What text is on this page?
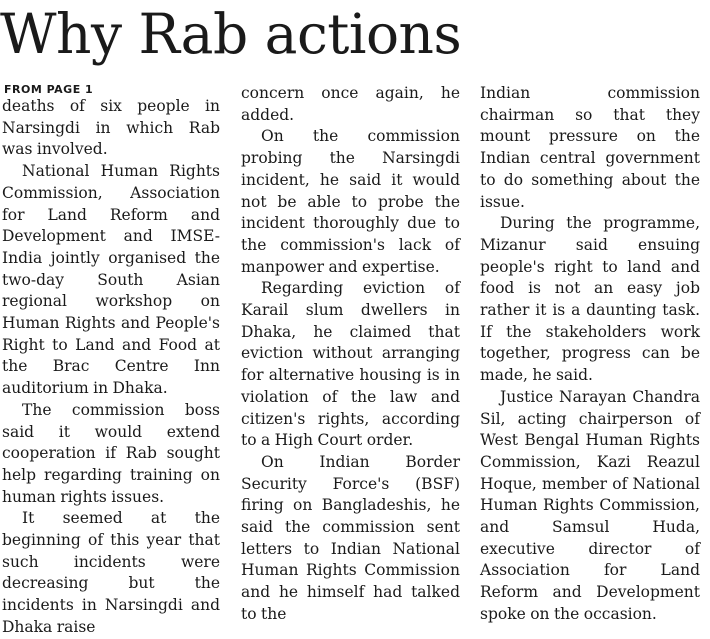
Why Rab actions
FROM PAGE 1

deaths of six people in Narsingdi in which Rab was involved.

National Human Rights Commission, Association for Land Reform and Development and IMSE-India jointly organised the two-day South Asian regional workshop on Human Rights and People's Right to Land and Food at the Brac Centre Inn auditorium in Dhaka.

The commission boss said it would extend cooperation if Rab sought help regarding training on human rights issues.

It seemed at the beginning of this year that such incidents were decreasing but the incidents in Narsingdi and Dhaka raise

concern once again, he added.

On the commission probing the Narsingdi incident, he said it would not be able to probe the incident thoroughly due to the commission's lack of manpower and expertise.

Regarding eviction of Karail slum dwellers in Dhaka, he claimed that eviction without arranging for alternative housing is in violation of the law and citizen's rights, according to a High Court order.

On Indian Border Security Force's (BSF) firing on Bangladeshis, he said the commission sent letters to Indian National Human Rights Commission and he himself had talked to the

Indian commission chairman so that they mount pressure on the Indian central government to do something about the issue.

During the programme, Mizanur said ensuing people's right to land and food is not an easy job rather it is a daunting task. If the stakeholders work together, progress can be made, he said.

Justice Narayan Chandra Sil, acting chairperson of West Bengal Human Rights Commission, Kazi Reazul Hoque, member of National Human Rights Commission, and Samsul Huda, executive director of Association for Land Reform and Development spoke on the occasion.
